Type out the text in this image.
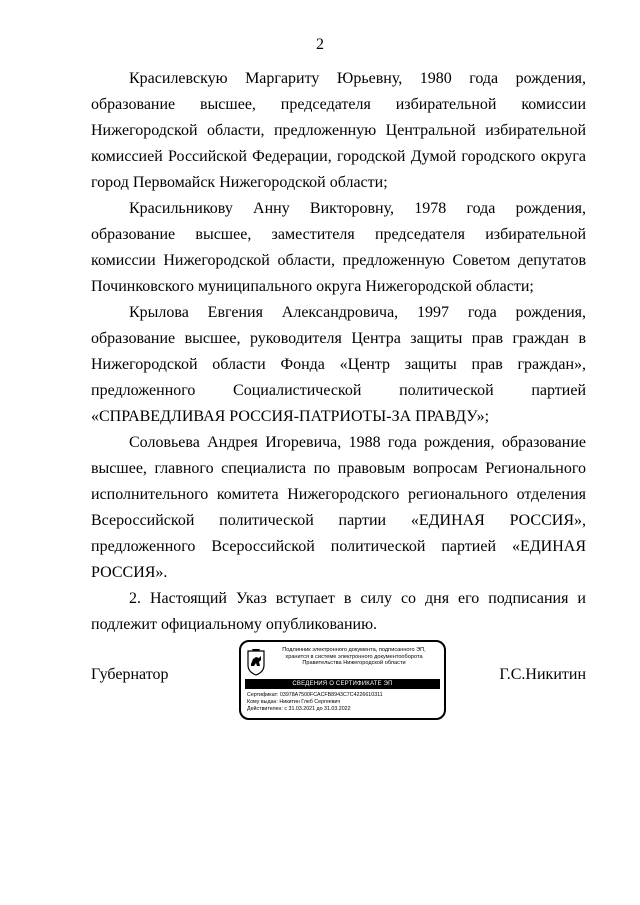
2

Красилевскую Маргариту Юрьевну, 1980 года рождения, образование высшее, председателя избирательной комиссии Нижегородской области, предложенную Центральной избирательной комиссией Российской Федерации, городской Думой городского округа город Первомайск Нижегородской области;

Красильникову Анну Викторовну, 1978 года рождения, образование высшее, заместителя председателя избирательной комиссии Нижегородской области, предложенную Советом депутатов Починковского муниципального округа Нижегородской области;

Крылова Евгения Александровича, 1997 года рождения, образование высшее, руководителя Центра защиты прав граждан в Нижегородской области Фонда «Центр защиты прав граждан», предложенного Социалистической политической партией «СПРАВЕДЛИВАЯ РОССИЯ-ПАТРИОТЫ-ЗА ПРАВДУ»;

Соловьева Андрея Игоревича, 1988 года рождения, образование высшее, главного специалиста по правовым вопросам Регионального исполнительного комитета Нижегородского регионального отделения Всероссийской политической партии «ЕДИНАЯ РОССИЯ», предложенного Всероссийской политической партией «ЕДИНАЯ РОССИЯ».

2. Настоящий Указ вступает в силу со дня его подписания и подлежит официальному опубликованию.

Губернатор
Подлинник электронного документа, подписанного ЭП,
хранится в системе электронного документооборота
Правительства Нижегородской области
СВЕДЕНИЯ О СЕРТИФИКАТЕ ЭП
Сертификат: 03978A7500FCACFB8943C7C4226610311
Кому выдан: Никитин Глеб Сергеевич
Действителен: с 31.03.2021 до 31.03.2022
Г.С.Никитин
